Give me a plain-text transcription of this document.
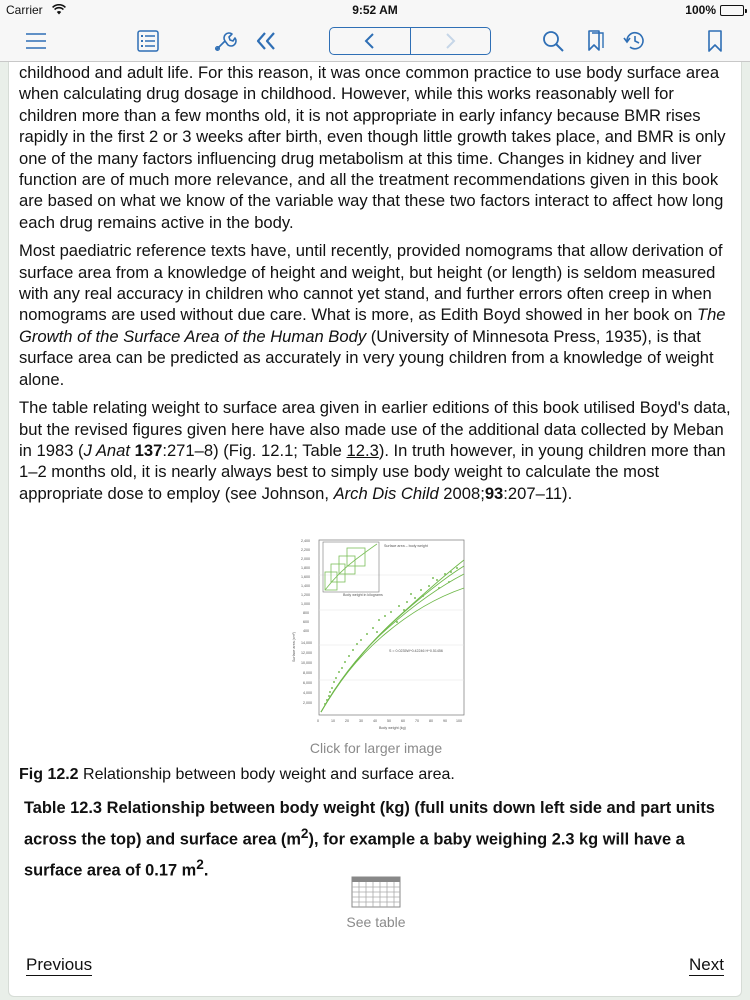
Carrier	9:52 AM	100%

childhood and adult life. For this reason, it was once common practice to use body surface area when calculating drug dosage in childhood. However, while this works reasonably well for children more than a few months old, it is not appropriate in early infancy because BMR rises rapidly in the first 2 or 3 weeks after birth, even though little growth takes place, and BMR is only one of the many factors influencing drug metabolism at this time. Changes in kidney and liver function are of much more relevance, and all the treatment recommendations given in this book are based on what we know of the variable way that these two factors interact to affect how long each drug remains active in the body.

Most paediatric reference texts have, until recently, provided nomograms that allow derivation of surface area from a knowledge of height and weight, but height (or length) is seldom measured with any real accuracy in children who cannot yet stand, and further errors often creep in when nomograms are used without due care. What is more, as Edith Boyd showed in her book on The Growth of the Surface Area of the Human Body (University of Minnesota Press, 1935), is that surface area can be predicted as accurately in very young children from a knowledge of weight alone.

The table relating weight to surface area given in earlier editions of this book utilised Boyd's data, but the revised figures given here have also made use of the additional data collected by Meban in 1983 (J Anat 137:271–8) (Fig. 12.1; Table 12.3). In truth however, in young children more than 1–2 months old, it is nearly always best to simply use body weight to calculate the most appropriate dose to employ (see Johnson, Arch Dis Child 2008;93:207–11).

2,400
2,200
2,000
1,800
1,600
1,400
1,200
1,000
800
600
400
14,000
12,000
10,000
8,000
6,000
4,000
2,000
0	10	20	30	40	50	60	70	80	90	100
Body weight (kg)
Body weight in kilograms
Surface area – body weight
S = 0.0235W^0.42246 H^0.51456
Surface area (cm²)
Click for larger image
Fig 12.2 Relationship between body weight and surface area.
Table 12.3 Relationship between body weight (kg) (full units down left side and part units across the top) and surface area $(m^2)$, for example a baby weighing 2.3 kg will have a surface area of 0.17 $m^2$.
See table
Previous	Next
